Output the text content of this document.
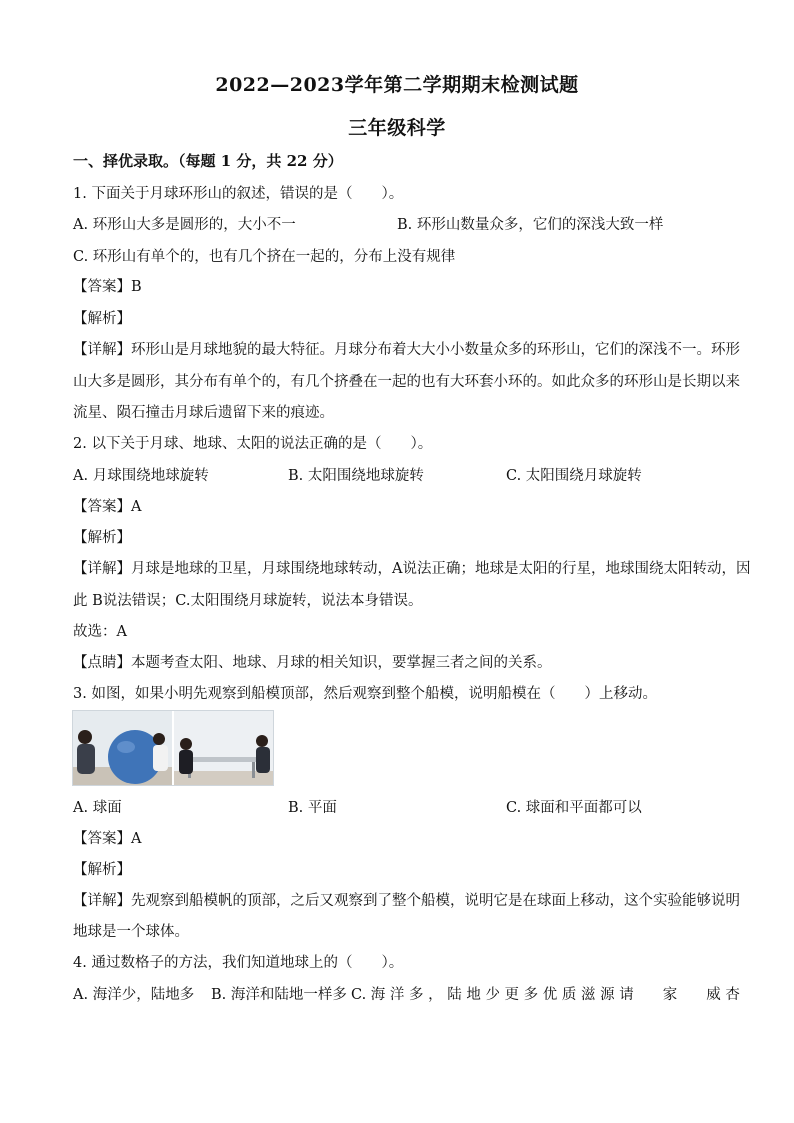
2022—2023学年第二学期期末检测试题
三年级科学
一、择优录取。（每题 1 分，共 22 分）
1. 下面关于月球环形山的叙述，错误的是（　　）。
A. 环形山大多是圆形的，大小不一	B. 环形山数量众多，它们的深浅大致一样
C. 环形山有单个的，也有几个挤在一起的，分布上没有规律
【答案】B
【解析】
【详解】环形山是月球地貌的最大特征。月球分布着大大小小数量众多的环形山，它们的深浅不一。环形
山大多是圆形，其分布有单个的，有几个挤叠在一起的也有大环套小环的。如此众多的环形山是长期以来
流星、陨石撞击月球后遗留下来的痕迹。
2. 以下关于月球、地球、太阳的说法正确的是（　　）。
A. 月球围绕地球旋转	B. 太阳围绕地球旋转	C. 太阳围绕月球旋转
【答案】A
【解析】
【详解】月球是地球的卫星，月球围绕地球转动，A说法正确；地球是太阳的行星，地球围绕太阳转动，因
此 B说法错误；C.太阳围绕月球旋转，说法本身错误。
故选：A
【点睛】本题考查太阳、地球、月球的相关知识，要掌握三者之间的关系。
3. 如图，如果小明先观察到船模顶部，然后观察到整个船模，说明船模在（　　）上移动。
A. 球面	B. 平面	C. 球面和平面都可以
【答案】A
【解析】
【详解】先观察到船模帆的顶部，之后又观察到了整个船模，说明它是在球面上移动，这个实验能够说明
地球是一个球体。
4. 通过数格子的方法，我们知道地球上的（　　）。
A. 海洋少，陆地多 B. 海洋和陆地一样多 C. 海 洋 多 ， 陆 地 少 更 多 优 质 滋 源 请　　家　　威 杏
